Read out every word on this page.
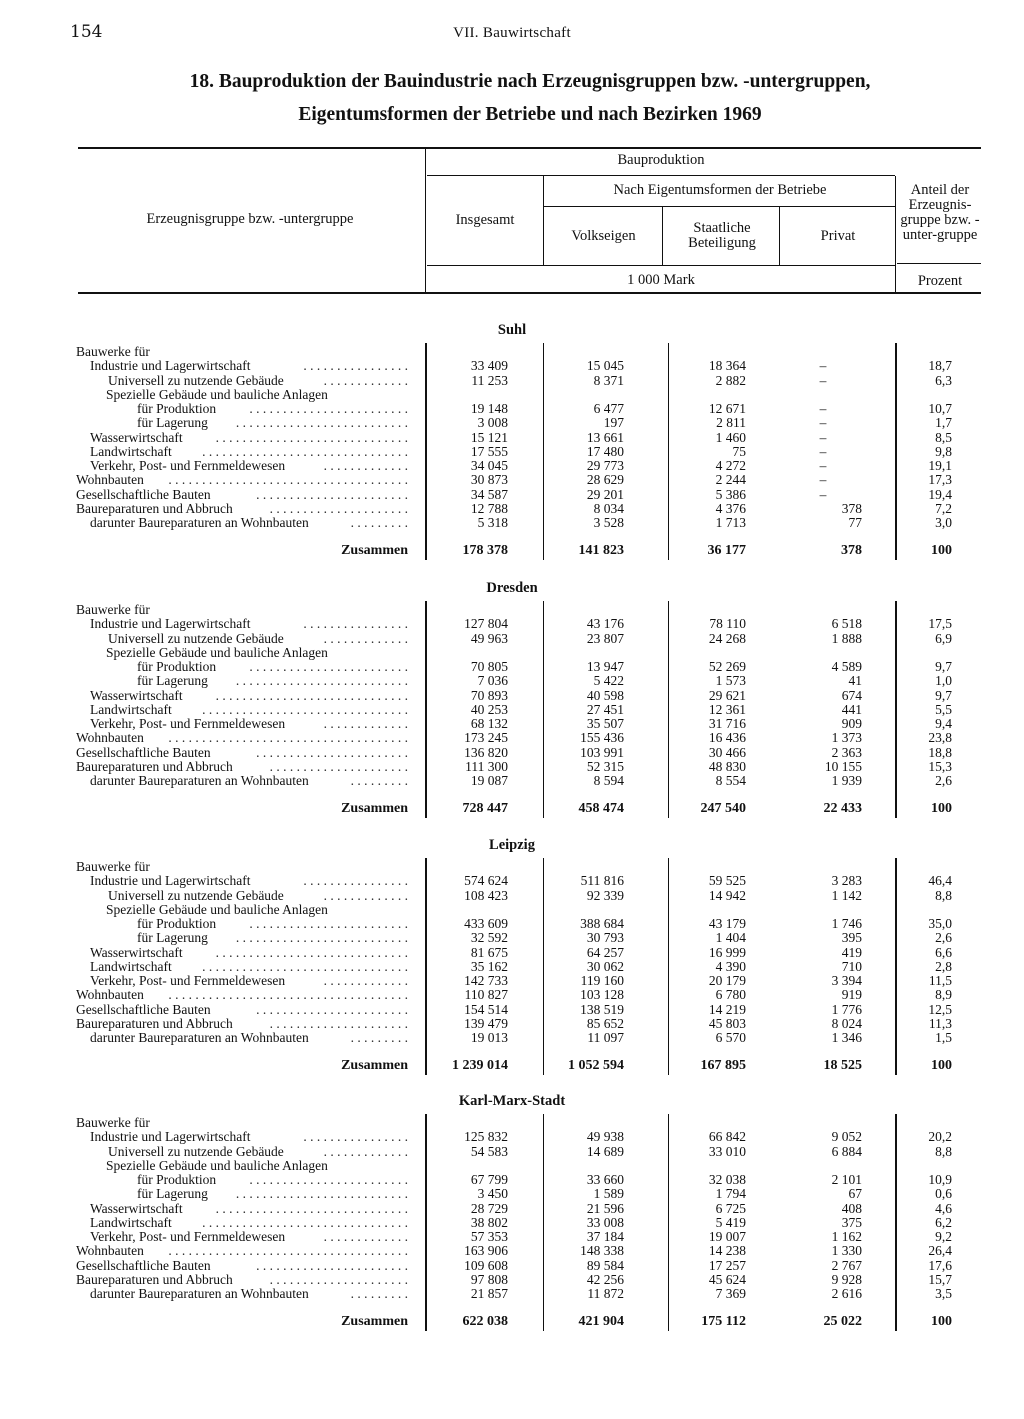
154	VII. Bauwirtschaft
18. Bauproduktion der Bauindustrie nach Erzeugnisgruppen bzw. -untergruppen,
Eigentumsformen der Betriebe und nach Bezirken 1969
Erzeugnisgruppe bzw. -untergruppe
Bauproduktion
Insgesamt
Nach Eigentumsformen der Betriebe
Volkseigen	Staatliche Beteiligung	Privat
Anteil der Erzeugnis-gruppe bzw. -unter-gruppe
1 000 Mark	Prozent
Suhl
Bauwerke für
Industrie und Lagerwirtschaft	. . . . . . . . . . . . . . . .	33 409	15 045	18 364	–	18,7
Universell zu nutzende Gebäude	. . . . . . . . . . . . .	11 253	8 371	2 882	–	6,3
Spezielle Gebäude und bauliche Anlagen
für Produktion . . . . . . . . . . . . . . . . . . . . . . . .	19 148	6 477	12 671	–	10,7
für Lagerung . . . . . . . . . . . . . . . . . . . . . . . . . .	3 008	197	2 811	–	1,7
Wasserwirtschaft . . . . . . . . . . . . . . . . . . . . . . . . . . . . .	15 121	13 661	1 460	–	8,5
Landwirtschaft . . . . . . . . . . . . . . . . . . . . . . . . . . . . . . .	17 555	17 480	75	–	9,8
Verkehr, Post- und Fernmeldewesen	. . . . . . . . . . . . .	34 045	29 773	4 272	–	19,1
Wohnbauten . . . . . . . . . . . . . . . . . . . . . . . . . . . . . . . . . . . .	30 873	28 629	2 244	–	17,3
Gesellschaftliche Bauten	. . . . . . . . . . . . . . . . . . . . . . .	34 587	29 201	5 386	–	19,4
Baureparaturen und Abbruch	. . . . . . . . . . . . . . . . . . . . .	12 788	8 034	4 376	378	7,2
darunter Baureparaturen an Wohnbauten	. . . . . . . . .	5 318	3 528	1 713	77	3,0
Zusammen	178 378	141 823	36 177	378	100
Dresden
Bauwerke für
Industrie und Lagerwirtschaft	. . . . . . . . . . . . . . . .	127 804	43 176	78 110	6 518	17,5
Universell zu nutzende Gebäude	. . . . . . . . . . . . .	49 963	23 807	24 268	1 888	6,9
Spezielle Gebäude und bauliche Anlagen
für Produktion . . . . . . . . . . . . . . . . . . . . . . . .	70 805	13 947	52 269	4 589	9,7
für Lagerung . . . . . . . . . . . . . . . . . . . . . . . . . .	7 036	5 422	1 573	41	1,0
Wasserwirtschaft . . . . . . . . . . . . . . . . . . . . . . . . . . . . .	70 893	40 598	29 621	674	9,7
Landwirtschaft . . . . . . . . . . . . . . . . . . . . . . . . . . . . . . .	40 253	27 451	12 361	441	5,5
Verkehr, Post- und Fernmeldewesen	. . . . . . . . . . . . .	68 132	35 507	31 716	909	9,4
Wohnbauten . . . . . . . . . . . . . . . . . . . . . . . . . . . . . . . . . . . .	173 245	155 436	16 436	1 373	23,8
Gesellschaftliche Bauten	. . . . . . . . . . . . . . . . . . . . . . .	136 820	103 991	30 466	2 363	18,8
Baureparaturen und Abbruch	. . . . . . . . . . . . . . . . . . . . .	111 300	52 315	48 830	10 155	15,3
darunter Baureparaturen an Wohnbauten	. . . . . . . . .	19 087	8 594	8 554	1 939	2,6
Zusammen	728 447	458 474	247 540	22 433	100
Leipzig
Bauwerke für
Industrie und Lagerwirtschaft	. . . . . . . . . . . . . . . .	574 624	511 816	59 525	3 283	46,4
Universell zu nutzende Gebäude	. . . . . . . . . . . . .	108 423	92 339	14 942	1 142	8,8
Spezielle Gebäude und bauliche Anlagen
für Produktion . . . . . . . . . . . . . . . . . . . . . . . .	433 609	388 684	43 179	1 746	35,0
für Lagerung . . . . . . . . . . . . . . . . . . . . . . . . . .	32 592	30 793	1 404	395	2,6
Wasserwirtschaft . . . . . . . . . . . . . . . . . . . . . . . . . . . . .	81 675	64 257	16 999	419	6,6
Landwirtschaft . . . . . . . . . . . . . . . . . . . . . . . . . . . . . . .	35 162	30 062	4 390	710	2,8
Verkehr, Post- und Fernmeldewesen	. . . . . . . . . . . . .	142 733	119 160	20 179	3 394	11,5
Wohnbauten . . . . . . . . . . . . . . . . . . . . . . . . . . . . . . . . . . . .	110 827	103 128	6 780	919	8,9
Gesellschaftliche Bauten	. . . . . . . . . . . . . . . . . . . . . . .	154 514	138 519	14 219	1 776	12,5
Baureparaturen und Abbruch	. . . . . . . . . . . . . . . . . . . . .	139 479	85 652	45 803	8 024	11,3
darunter Baureparaturen an Wohnbauten	. . . . . . . . .	19 013	11 097	6 570	1 346	1,5
Zusammen	1 239 014	1 052 594	167 895	18 525	100
Karl-Marx-Stadt
Bauwerke für
Industrie und Lagerwirtschaft	. . . . . . . . . . . . . . . .	125 832	49 938	66 842	9 052	20,2
Universell zu nutzende Gebäude	. . . . . . . . . . . . .	54 583	14 689	33 010	6 884	8,8
Spezielle Gebäude und bauliche Anlagen
für Produktion . . . . . . . . . . . . . . . . . . . . . . . .	67 799	33 660	32 038	2 101	10,9
für Lagerung . . . . . . . . . . . . . . . . . . . . . . . . . .	3 450	1 589	1 794	67	0,6
Wasserwirtschaft . . . . . . . . . . . . . . . . . . . . . . . . . . . . .	28 729	21 596	6 725	408	4,6
Landwirtschaft . . . . . . . . . . . . . . . . . . . . . . . . . . . . . . .	38 802	33 008	5 419	375	6,2
Verkehr, Post- und Fernmeldewesen	. . . . . . . . . . . . .	57 353	37 184	19 007	1 162	9,2
Wohnbauten . . . . . . . . . . . . . . . . . . . . . . . . . . . . . . . . . . . .	163 906	148 338	14 238	1 330	26,4
Gesellschaftliche Bauten	. . . . . . . . . . . . . . . . . . . . . . .	109 608	89 584	17 257	2 767	17,6
Baureparaturen und Abbruch	. . . . . . . . . . . . . . . . . . . . .	97 808	42 256	45 624	9 928	15,7
darunter Baureparaturen an Wohnbauten	. . . . . . . . .	21 857	11 872	7 369	2 616	3,5
Zusammen	622 038	421 904	175 112	25 022	100
